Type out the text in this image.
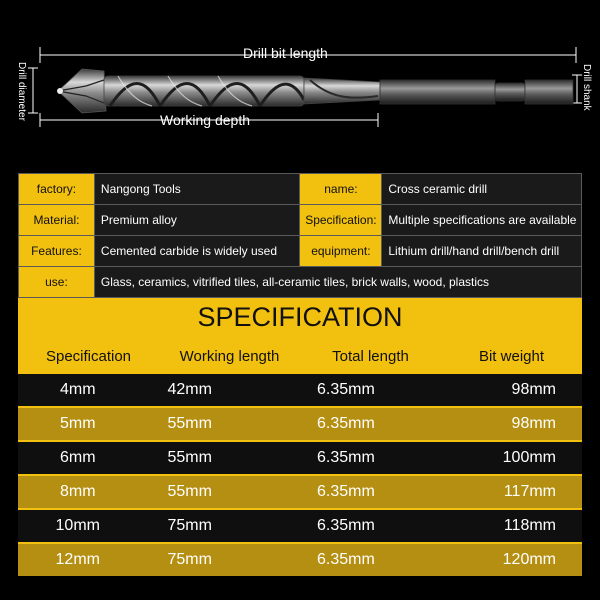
Drill bit length
Working depth
Drill diameter	Drill shank
factory:	Nangong Tools	name:	Cross ceramic drill
Material:	Premium alloy	Specification:	Multiple specifications are available
Features:	Cemented carbide is widely used	equipment:	Lithium drill/hand drill/bench drill
use:	Glass, ceramics, vitrified tiles, all-ceramic tiles, brick walls, wood, plastics		
SPECIFICATION
Specification	Working length	Total length	Bit weight
4mm	42mm	6.35mm	98mm
5mm	55mm	6.35mm	98mm
6mm	55mm	6.35mm	100mm
8mm	55mm	6.35mm	117mm
10mm	75mm	6.35mm	118mm
12mm	75mm	6.35mm	120mm
